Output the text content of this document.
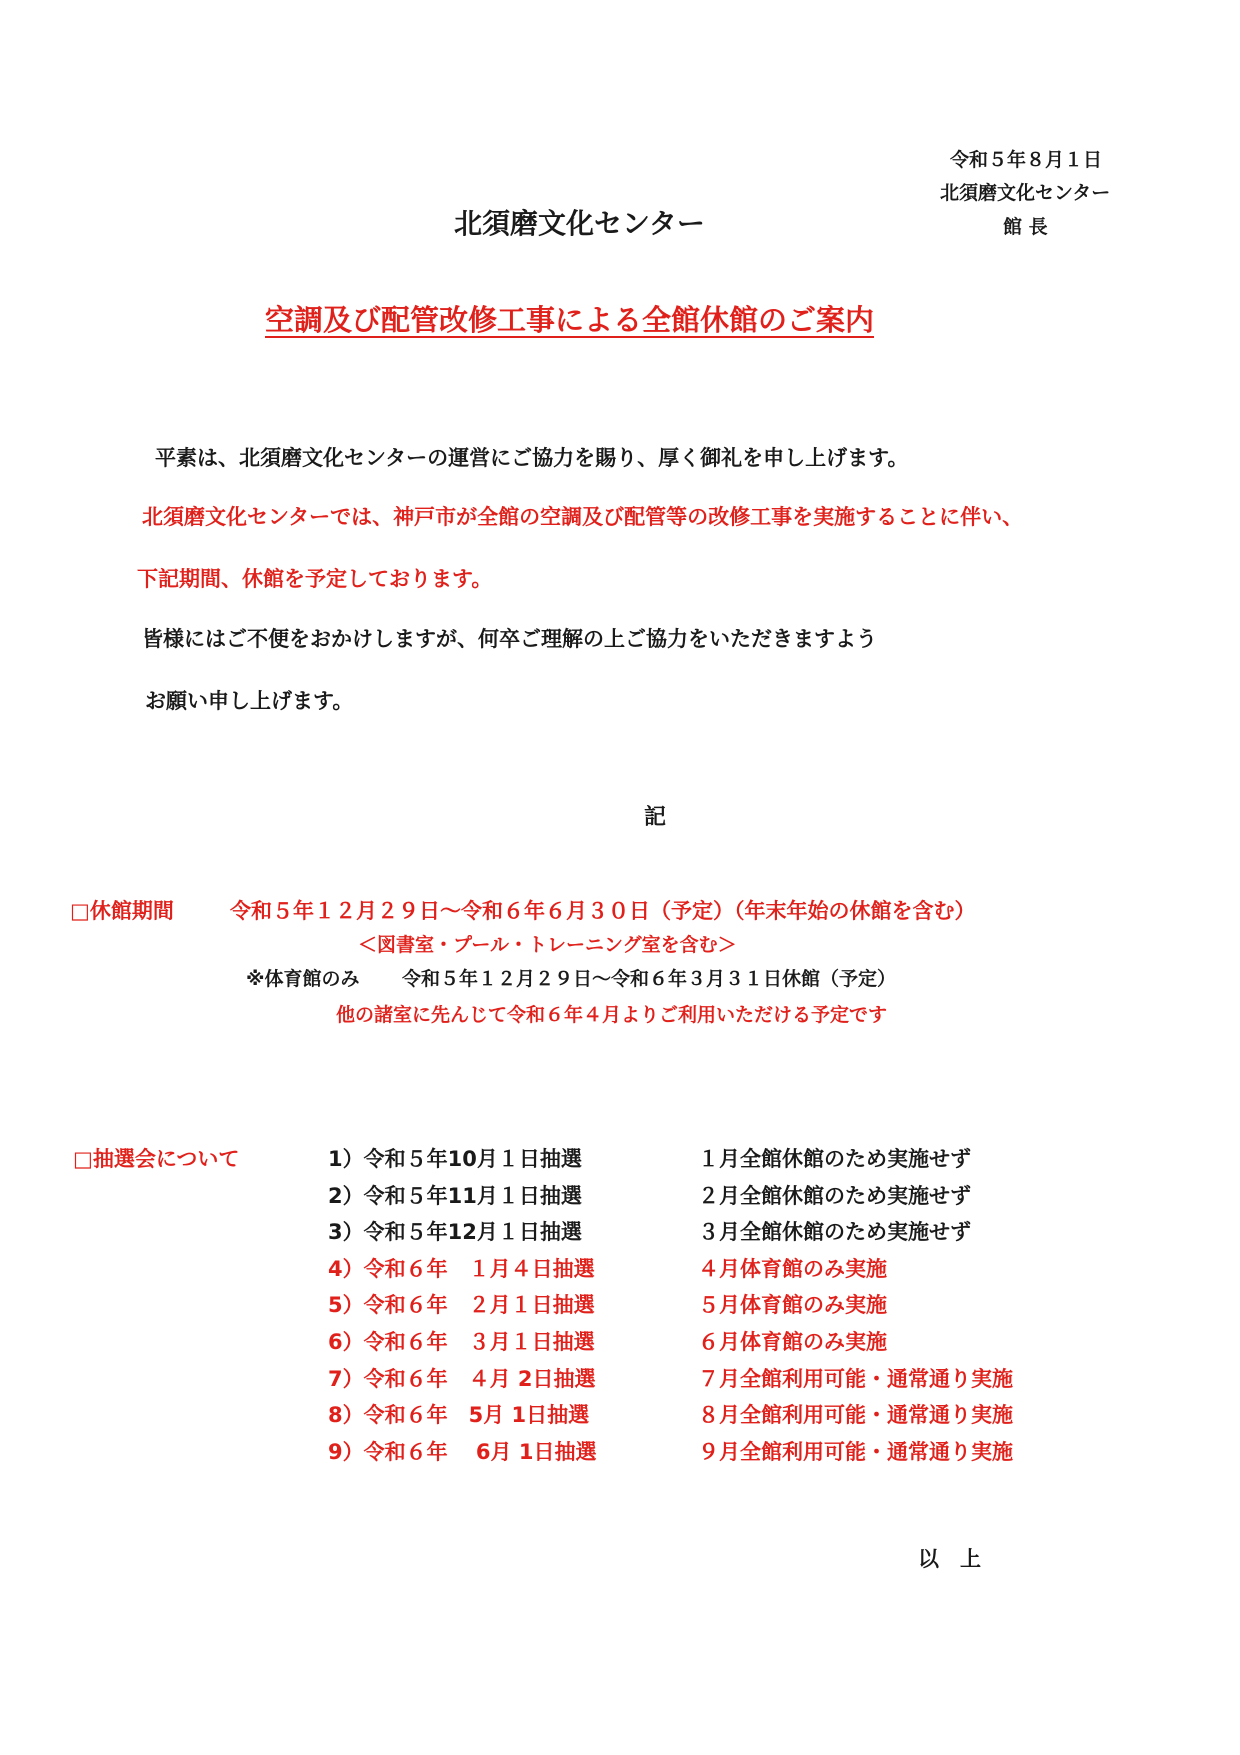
令和５年８月１日
北須磨文化センター
館 長
北須磨文化センター
空調及び配管改修工事による全館休館のご案内
平素は、北須磨文化センターの運営にご協力を賜り、厚く御礼を申し上げます。
北須磨文化センターでは、神戸市が全館の空調及び配管等の改修工事を実施することに伴い、
下記期間、休館を予定しております。
皆様にはご不便をおかけしますが、何卒ご理解の上ご協力をいただきますよう
お願い申し上げます。
記
□休館期間	令和５年１２月２９日～令和６年６月３０日（予定）（年末年始の休館を含む）
＜図書室・プール・トレーニング室を含む＞
※体育館のみ 令和５年１２月２９日～令和６年３月３１日休館（予定）
他の諸室に先んじて令和６年４月よりご利用いただける予定です
□抽選会について	1）令和５年10月１日抽選	１月全館休館のため実施せず
2）令和５年11月１日抽選	２月全館休館のため実施せず
3）令和５年12月１日抽選	３月全館休館のため実施せず
4）令和６年　１月４日抽選	４月体育館のみ実施
5）令和６年　２月１日抽選	５月体育館のみ実施
6）令和６年　３月１日抽選	６月体育館のみ実施
7）令和６年　４月 2日抽選	７月全館利用可能・通常通り実施
8）令和６年　5月 1日抽選	８月全館利用可能・通常通り実施
9）令和６年　 6月 1日抽選	９月全館利用可能・通常通り実施
以　上
